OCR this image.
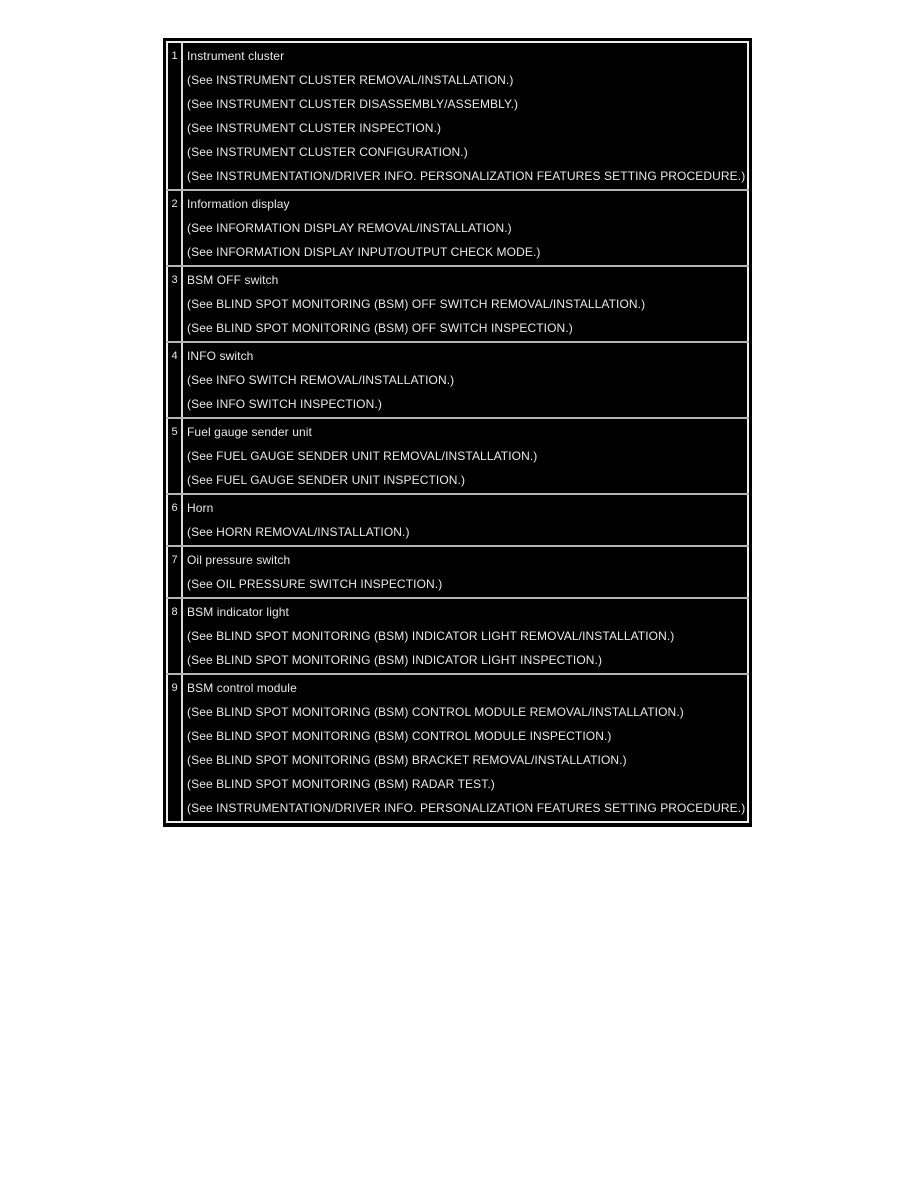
1	Instrument cluster
(See INSTRUMENT CLUSTER REMOVAL/INSTALLATION.)
(See INSTRUMENT CLUSTER DISASSEMBLY/ASSEMBLY.)
(See INSTRUMENT CLUSTER INSPECTION.)
(See INSTRUMENT CLUSTER CONFIGURATION.)
(See INSTRUMENTATION/DRIVER INFO. PERSONALIZATION FEATURES SETTING PROCEDURE.)

2	Information display
(See INFORMATION DISPLAY REMOVAL/INSTALLATION.)
(See INFORMATION DISPLAY INPUT/OUTPUT CHECK MODE.)

3	BSM OFF switch
(See BLIND SPOT MONITORING (BSM) OFF SWITCH REMOVAL/INSTALLATION.)
(See BLIND SPOT MONITORING (BSM) OFF SWITCH INSPECTION.)

4	INFO switch
(See INFO SWITCH REMOVAL/INSTALLATION.)
(See INFO SWITCH INSPECTION.)

5	Fuel gauge sender unit
(See FUEL GAUGE SENDER UNIT REMOVAL/INSTALLATION.)
(See FUEL GAUGE SENDER UNIT INSPECTION.)

6	Horn
(See HORN REMOVAL/INSTALLATION.)

7	Oil pressure switch
(See OIL PRESSURE SWITCH INSPECTION.)

8	BSM indicator light
(See BLIND SPOT MONITORING (BSM) INDICATOR LIGHT REMOVAL/INSTALLATION.)
(See BLIND SPOT MONITORING (BSM) INDICATOR LIGHT INSPECTION.)

9	BSM control module
(See BLIND SPOT MONITORING (BSM) CONTROL MODULE REMOVAL/INSTALLATION.)
(See BLIND SPOT MONITORING (BSM) CONTROL MODULE INSPECTION.)
(See BLIND SPOT MONITORING (BSM) BRACKET REMOVAL/INSTALLATION.)
(See BLIND SPOT MONITORING (BSM) RADAR TEST.)
(See INSTRUMENTATION/DRIVER INFO. PERSONALIZATION FEATURES SETTING PROCEDURE.)
